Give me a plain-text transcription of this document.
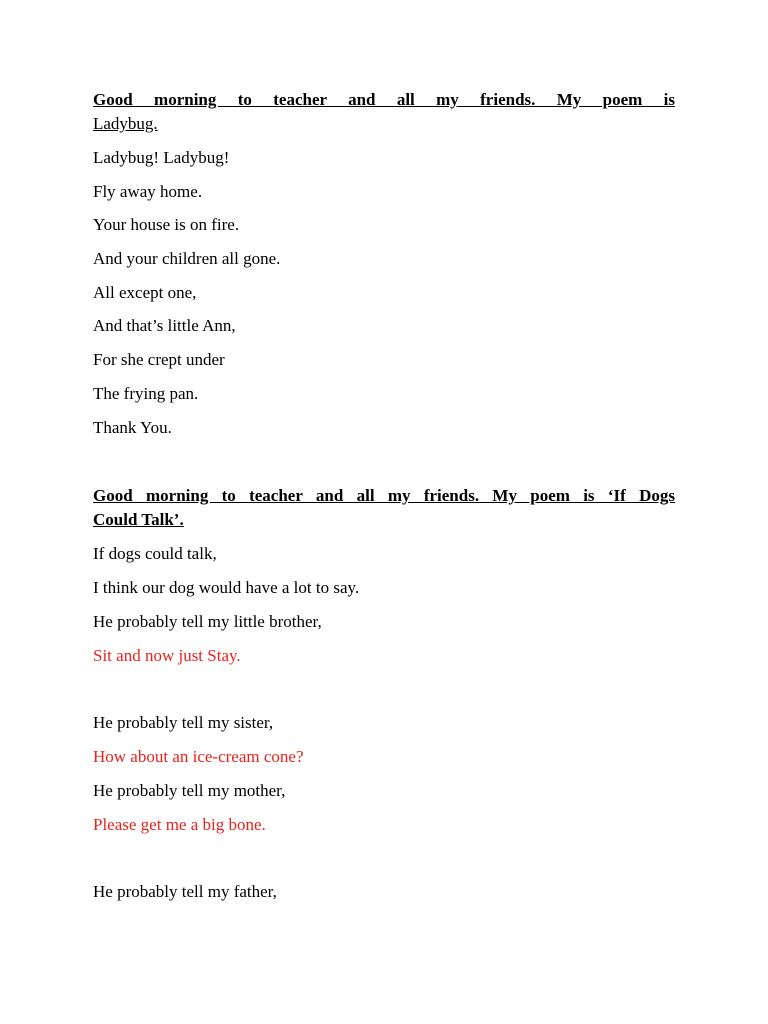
Good morning to teacher and all my friends. My poem is
Ladybug.

Ladybug! Ladybug!

Fly away home.

Your house is on fire.

And your children all gone.

All except one,

And that’s little Ann,

For she crept under

The frying pan.

Thank You.

Good morning to teacher and all my friends. My poem is ‘If Dogs
Could Talk’.

If dogs could talk,

I think our dog would have a lot to say.

He probably tell my little brother,

Sit and now just Stay.

He probably tell my sister,

How about an ice-cream cone?

He probably tell my mother,

Please get me a big bone.

He probably tell my father,
